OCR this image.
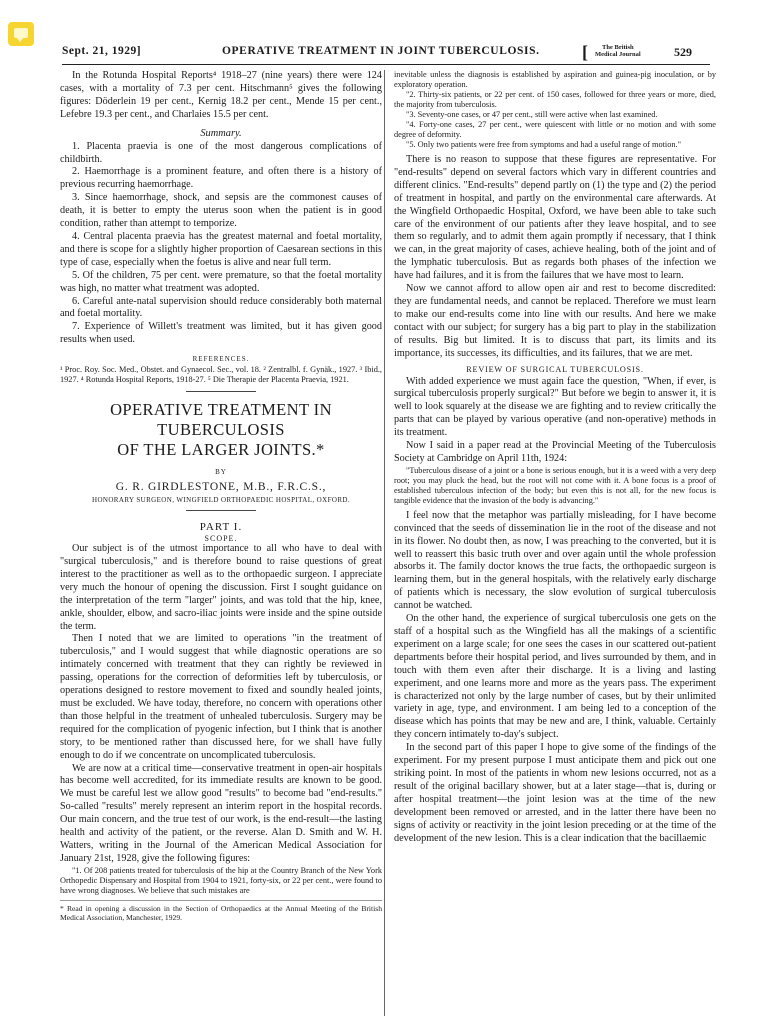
Sept. 21, 1929]	OPERATIVE TREATMENT IN JOINT TUBERCULOSIS. [	The British
Medical Journal	529

In the Rotunda Hospital Reports⁴ 1918–27 (nine years) there were 124 cases, with a mortality of 7.3 per cent. Hitschmann⁵ gives the following figures: Döderlein 19 per cent., Kernig 18.2 per cent., Mende 15 per cent., Lefebre 19.3 per cent., and Charlaies 15.5 per cent.

Summary.

1. Placenta praevia is one of the most dangerous complications of childbirth.

2. Haemorrhage is a prominent feature, and often there is a history of previous recurring haemorrhage.

3. Since haemorrhage, shock, and sepsis are the commonest causes of death, it is better to empty the uterus soon when the patient is in good condition, rather than attempt to temporize.

4. Central placenta praevia has the greatest maternal and foetal mortality, and there is scope for a slightly higher proportion of Caesarean sections in this type of case, especially when the foetus is alive and near full term.

5. Of the children, 75 per cent. were premature, so that the foetal mortality was high, no matter what treatment was adopted.

6. Careful ante-natal supervision should reduce considerably both maternal and foetal mortality.

7. Experience of Willett's treatment was limited, but it has given good results when used.

REFERENCES.

¹ Proc. Roy. Soc. Med., Obstet. and Gynaecol. Sec., vol. 18. ² Zentralbl. f. Gynäk., 1927. ³ Ibid., 1927. ⁴ Rotunda Hospital Reports, 1918-27. ⁵ Die Therapie der Placenta Praevia, 1921.

OPERATIVE TREATMENT IN TUBERCULOSIS
OF THE LARGER JOINTS.*
BY
G. R. GIRDLESTONE, M.B., F.R.C.S.,
HONORARY SURGEON, WINGFIELD ORTHOPAEDIC HOSPITAL, OXFORD.
PART I.
SCOPE.

Our subject is of the utmost importance to all who have to deal with "surgical tuberculosis," and is therefore bound to raise questions of great interest to the practitioner as well as to the orthopaedic surgeon. I appreciate very much the honour of opening the discussion. First I sought guidance on the interpretation of the term "larger" joints, and was told that the hip, knee, ankle, shoulder, elbow, and sacro-iliac joints were inside and the spine outside the term.

Then I noted that we are limited to operations "in the treatment of tuberculosis," and I would suggest that while diagnostic operations are so intimately concerned with treatment that they can rightly be reviewed in passing, operations for the correction of deformities left by tuberculosis, or operations designed to restore movement to fixed and soundly healed joints, must be excluded. We have today, therefore, no concern with operations other than those helpful in the treatment of unhealed tuberculosis. Surgery may be required for the complication of pyogenic infection, but I think that is another story, to be mentioned rather than discussed here, for we shall have fully enough to do if we concentrate on uncomplicated tuberculosis.

We are now at a critical time—conservative treatment in open-air hospitals has become well accredited, for its immediate results are known to be good. We must be careful lest we allow good "results" to become bad "end-results." So-called "results" merely represent an interim report in the hospital records. Our main concern, and the true test of our work, is the end-result—the lasting health and activity of the patient, or the reverse. Alan D. Smith and W. H. Watters, writing in the Journal of the American Medical Association for January 21st, 1928, give the following figures:

"1. Of 208 patients treated for tuberculosis of the hip at the Country Branch of the New York Orthopedic Dispensary and Hospital from 1904 to 1921, forty-six, or 22 per cent., were found to have wrong diagnoses. We believe that such mistakes are

* Read in opening a discussion in the Section of Orthopaedics at the Annual Meeting of the British Medical Association, Manchester, 1929.

inevitable unless the diagnosis is established by aspiration and guinea-pig inoculation, or by exploratory operation.

"2. Thirty-six patients, or 22 per cent. of 150 cases, followed for three years or more, died, the majority from tuberculosis.

"3. Seventy-one cases, or 47 per cent., still were active when last examined.

"4. Forty-one cases, 27 per cent., were quiescent with little or no motion and with some degree of deformity.

"5. Only two patients were free from symptoms and had a useful range of motion."

There is no reason to suppose that these figures are representative. For "end-results" depend on several factors which vary in different countries and different clinics. "End-results" depend partly on (1) the type and (2) the period of treatment in hospital, and partly on the environmental care afterwards. At the Wingfield Orthopaedic Hospital, Oxford, we have been able to take such care of the environment of our patients after they leave hospital, and to see them so regularly, and to admit them again promptly if necessary, that I think we can, in the great majority of cases, achieve healing, both of the joint and of the lymphatic tuberculosis. But as regards both phases of the infection we have had failures, and it is from the failures that we have most to learn.

Now we cannot afford to allow open air and rest to become discredited: they are fundamental needs, and cannot be replaced. Therefore we must learn to make our end-results come into line with our results. And here we make contact with our subject; for surgery has a big part to play in the stabilization of results. Big but limited. It is to discuss that part, its limits and its importance, its successes, its difficulties, and its failures, that we are met.

REVIEW OF SURGICAL TUBERCULOSIS.

With added experience we must again face the question, "When, if ever, is surgical tuberculosis properly surgical?" But before we begin to answer it, it is well to look squarely at the disease we are fighting and to review critically the parts that can be played by various operative (and non-operative) methods in its treatment.

Now I said in a paper read at the Provincial Meeting of the Tuberculosis Society at Cambridge on April 11th, 1924:

"Tuberculous disease of a joint or a bone is serious enough, but it is a weed with a very deep root; you may pluck the head, but the root will not come with it. A bone focus is a proof of established tuberculous infection of the body; but even this is not all, for the new focus is tangible evidence that the invasion of the body is advancing."

I feel now that the metaphor was partially misleading, for I have become convinced that the seeds of dissemination lie in the root of the disease and not in its flower. No doubt then, as now, I was preaching to the converted, but it is well to reassert this basic truth over and over again until the whole profession absorbs it. The family doctor knows the true facts, the orthopaedic surgeon is learning them, but in the general hospitals, with the relatively early discharge of patients which is necessary, the slow evolution of surgical tuberculosis cannot be watched.

On the other hand, the experience of surgical tuberculosis one gets on the staff of a hospital such as the Wingfield has all the makings of a scientific experiment on a large scale; for one sees the cases in our scattered out-patient departments before their hospital period, and lives surrounded by them, and in touch with them even after their discharge. It is a living and lasting experiment, and one learns more and more as the years pass. The experiment is characterized not only by the large number of cases, but by their unlimited variety in age, type, and environment. I am being led to a conception of the disease which has points that may be new and are, I think, valuable. Certainly they concern intimately to-day's subject.

In the second part of this paper I hope to give some of the findings of the experiment. For my present purpose I must anticipate them and pick out one striking point. In most of the patients in whom new lesions occurred, not as a result of the original bacillary shower, but at a later stage—that is, during or after hospital treatment—the joint lesion was at the time of the new development been removed or arrested, and in the latter there have been no signs of activity or reactivity in the joint lesion preceding or at the time of the development of the new lesion. This is a clear indication that the bacillaemic
